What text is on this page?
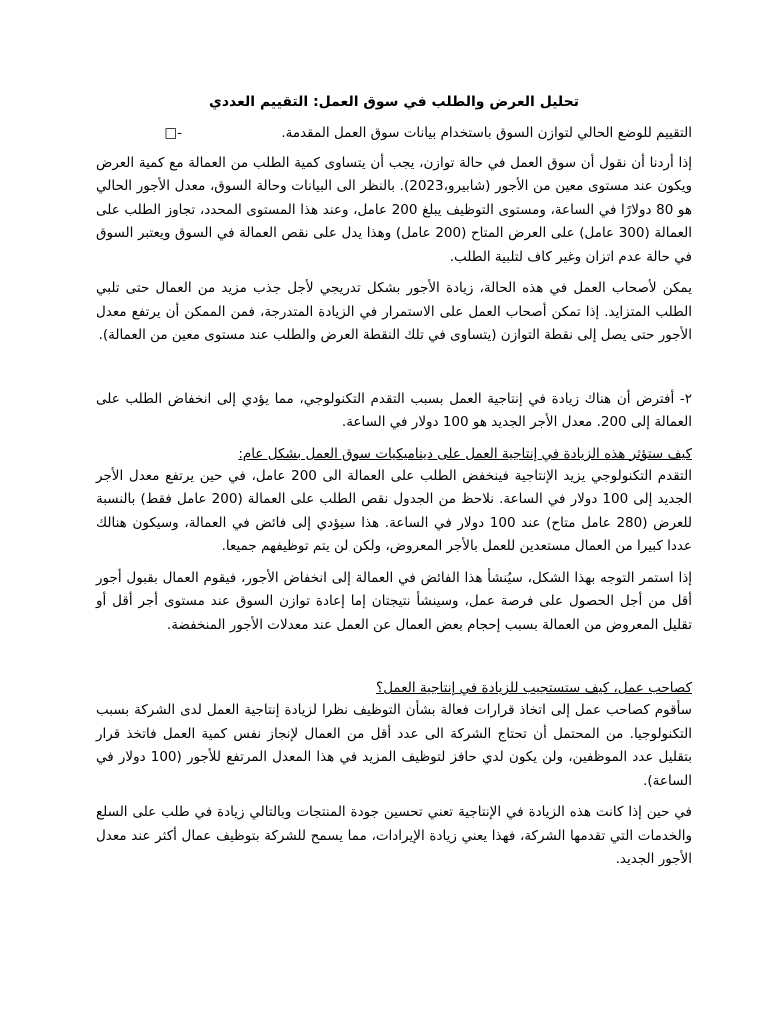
تحليل العرض والطلب في سوق العمل: التقييم العددي
التقييم للوضع الحالي لتوازن السوق باستخدام بيانات سوق العمل المقدمة.
-□

إذا أردنا أن نقول أن سوق العمل في حالة توازن، يجب أن يتساوى كمية الطلب من العمالة مع كمية العرض ويكون عند مستوى معين من الأجور (شابيرو،2023). بالنظر الى البيانات وحالة السوق، معدل الأجور الحالي هو 80 دولارًا في الساعة، ومستوى التوظيف يبلغ 200 عامل، وعند هذا المستوى المحدد، تجاوز الطلب على العمالة (300 عامل) على العرض المتاح (200 عامل) وهذا يدل على نقص العمالة في السوق ويعتبر السوق في حالة عدم اتزان وغير كاف لتلبية الطلب.

يمكن لأصحاب العمل في هذه الحالة، زيادة الأجور بشكل تدريجي لأجل جذب مزيد من العمال حتى تلبي الطلب المتزايد. إذا تمكن أصحاب العمل على الاستمرار في الزيادة المتدرجة، فمن الممكن أن يرتفع معدل الأجور حتى يصل إلى نقطة التوازن (يتساوى في تلك النقطة العرض والطلب عند مستوى معين من العمالة).

٢- أفترض أن هناك زيادة في إنتاجية العمل بسبب التقدم التكنولوجي، مما يؤدي إلى انخفاض الطلب على العمالة إلى 200. معدل الأجر الجديد هو 100 دولار في الساعة.

كيف ستؤثر هذه الزيادة في إنتاجية العمل على ديناميكيات سوق العمل بشكل عام:

التقدم التكنولوجي يزيد الإنتاجية فينخفض الطلب على العمالة الى 200 عامل، في حين يرتفع معدل الأجر الجديد إلى 100 دولار في الساعة. نلاحظ من الجدول نقص الطلب على العمالة (200 عامل فقط) بالنسبة للعرض (280 عامل متاح) عند 100 دولار في الساعة. هذا سيؤدي إلى فائض في العمالة، وسيكون هنالك عددا كبيرا من العمال مستعدين للعمل بالأجر المعروض، ولكن لن يتم توظيفهم جميعا.

إذا استمر التوجه بهذا الشكل، سيُنشأ هذا الفائض في العمالة إلى انخفاض الأجور، فيقوم العمال بقبول أجور أقل من أجل الحصول على فرصة عمل، وسينشأ نتيجتان إما إعادة توازن السوق عند مستوى أجر أقل أو تقليل المعروض من العمالة بسبب إحجام بعض العمال عن العمل عند معدلات الأجور المنخفضة.

كصاحب عمل، كيف ستستجيب للزيادة في إنتاجية العمل؟

سأقوم كصاحب عمل إلى اتخاذ قرارات فعالة بشأن التوظيف نظرا لزيادة إنتاجية العمل لدى الشركة بسبب التكنولوجيا. من المحتمل أن تحتاج الشركة الى عدد أقل من العمال لإنجاز نفس كمية العمل فاتخذ قرار بتقليل عدد الموظفين، ولن يكون لدي حافز لتوظيف المزيد في هذا المعدل المرتفع للأجور (100 دولار في الساعة).

في حين إذا كانت هذه الزيادة في الإنتاجية تعني تحسين جودة المنتجات وبالتالي زيادة في طلب على السلع والخدمات التي تقدمها الشركة، فهذا يعني زيادة الإيرادات، مما يسمح للشركة بتوظيف عمال أكثر عند معدل الأجور الجديد.
